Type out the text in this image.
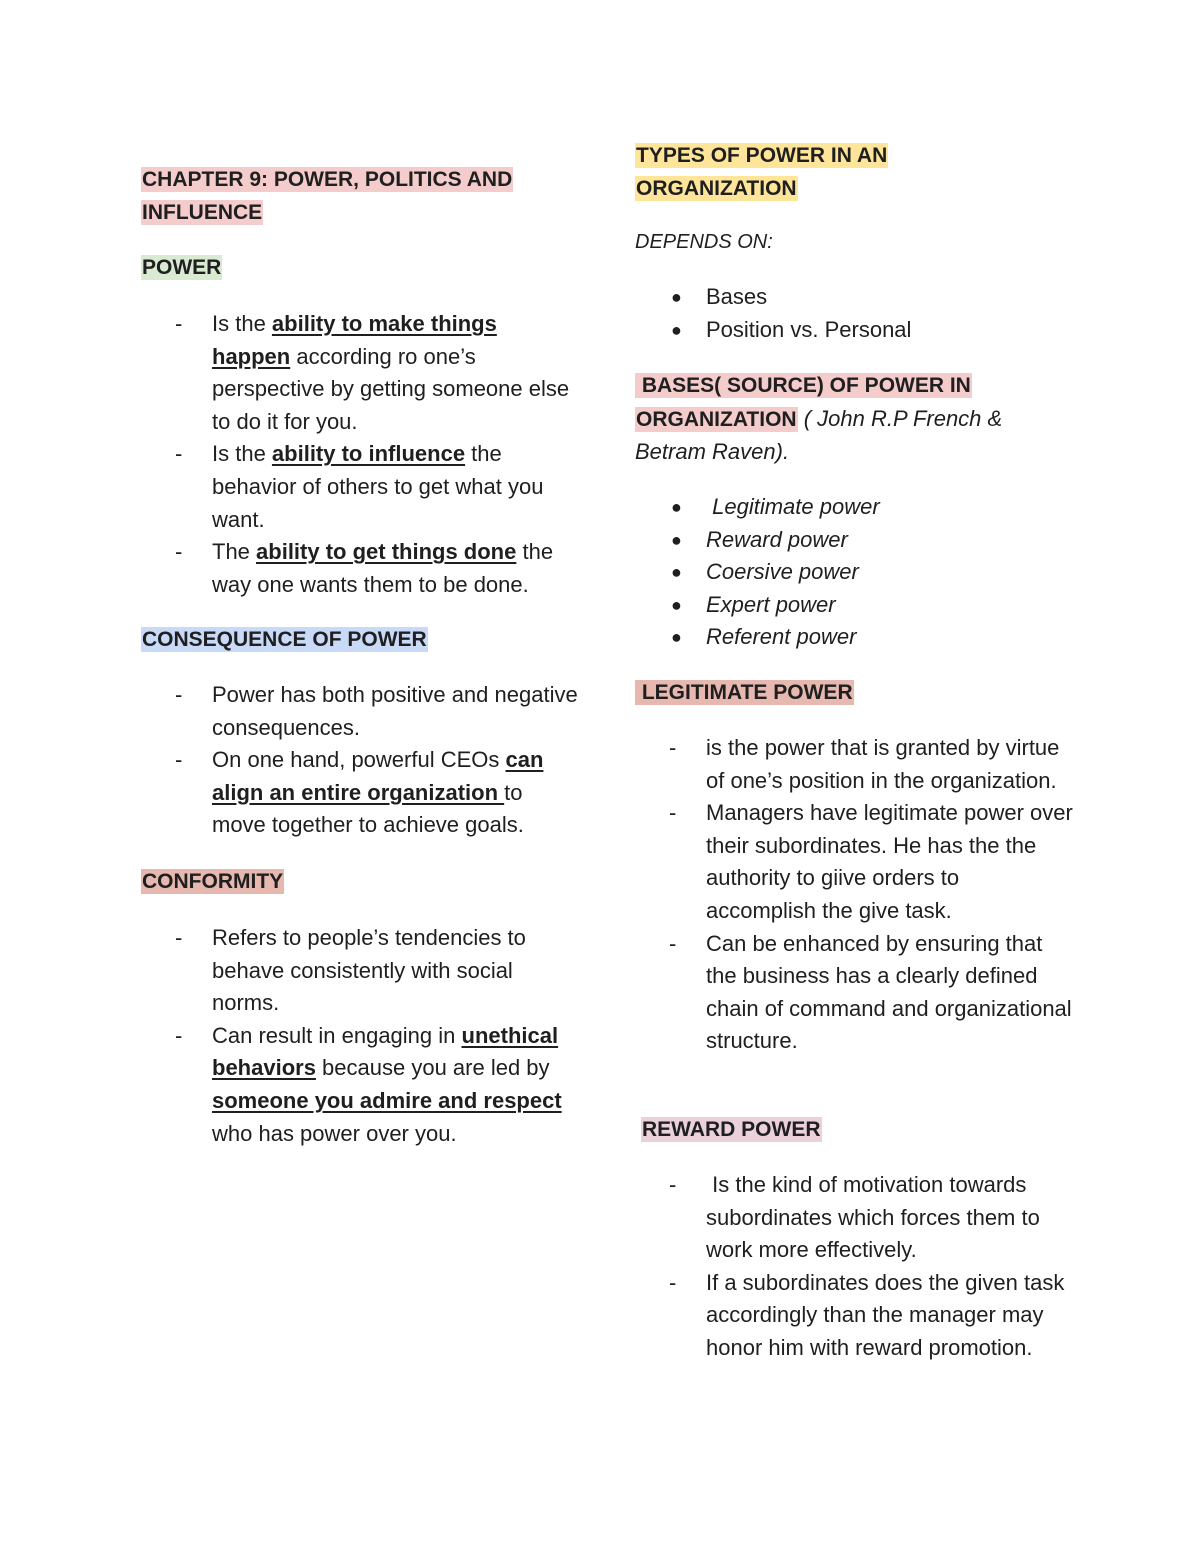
CHAPTER 9: POWER, POLITICS AND
INFLUENCE
POWER
- Is the ability to make things happen according ro one’s perspective by getting someone else to do it for you.
- Is the ability to influence the behavior of others to get what you want.
- The ability to get things done the way one wants them to be done.
CONSEQUENCE OF POWER
- Power has both positive and negative consequences.
- On one hand, powerful CEOs can align an entire organization to move together to achieve goals.
CONFORMITY
- Refers to people’s tendencies to behave consistently with social norms.
- Can result in engaging in unethical behaviors because you are led by someone you admire and respect who has power over you.
TYPES OF POWER IN AN
ORGANIZATION
DEPENDS ON:
● Bases
● Position vs. Personal
BASES( SOURCE) OF POWER IN
ORGANIZATION ( John R.P French &
Betram Raven).
● Legitimate power
● Reward power
● Coersive power
● Expert power
● Referent power
LEGITIMATE POWER
- is the power that is granted by virtue of one’s position in the organization.
- Managers have legitimate power over their subordinates. He has the the authority to giive orders to accomplish the give task.
- Can be enhanced by ensuring that the business has a clearly defined chain of command and organizational structure.
REWARD POWER
- Is the kind of motivation towards subordinates which forces them to work more effectively.
- If a subordinates does the given task accordingly than the manager may honor him with reward promotion.
